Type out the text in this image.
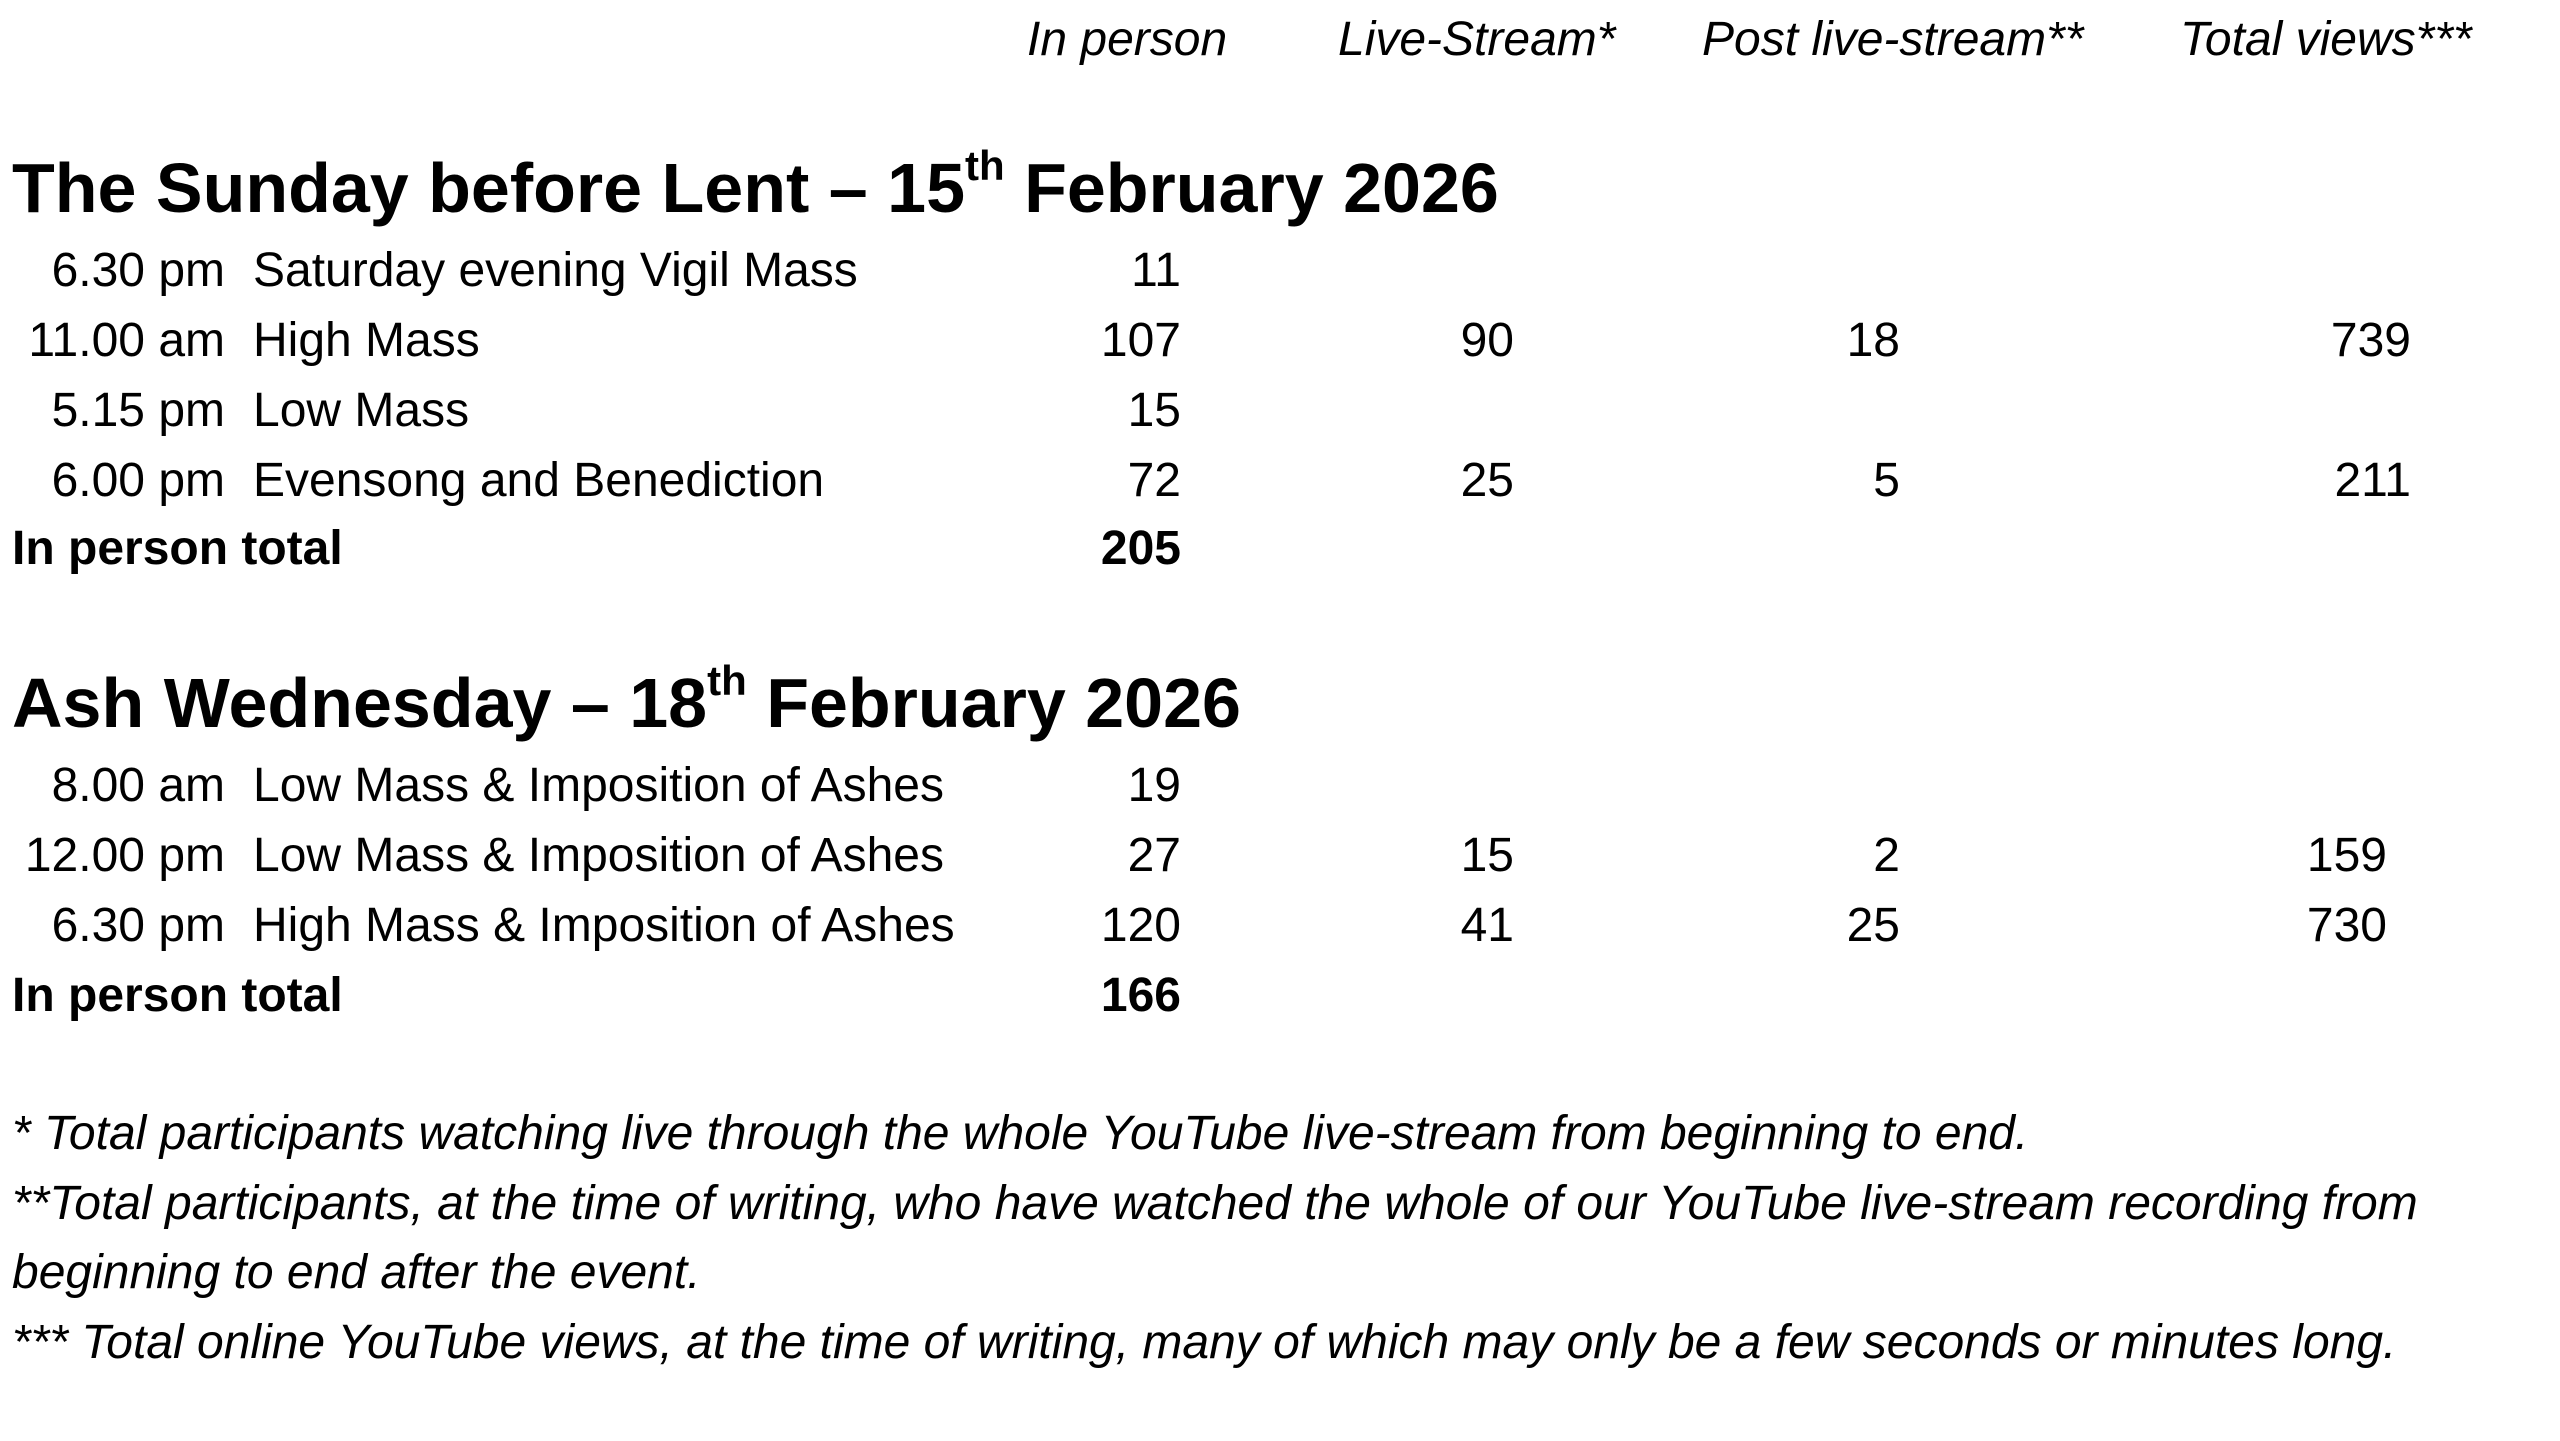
In person Live-Stream* Post live-stream** Total views***
The Sunday before Lent – 15th February 2026
6.30 pm Saturday evening Vigil Mass	11
11.00 am High Mass	107	90	18	739
5.15 pm Low Mass	15
6.00 pm Evensong and Benediction	72	25	5	211
In person total	205
Ash Wednesday – 18th February 2026
8.00 am Low Mass & Imposition of Ashes	19
12.00 pm Low Mass & Imposition of Ashes	27	15	2	159
6.30 pm High Mass & Imposition of Ashes	120	41	25	730
In person total	166

* Total participants watching live through the whole YouTube live-stream from beginning to end.

**Total participants, at the time of writing, who have watched the whole of our YouTube live-stream recording from beginning to end after the event.

*** Total online YouTube views, at the time of writing, many of which may only be a few seconds or minutes long.
